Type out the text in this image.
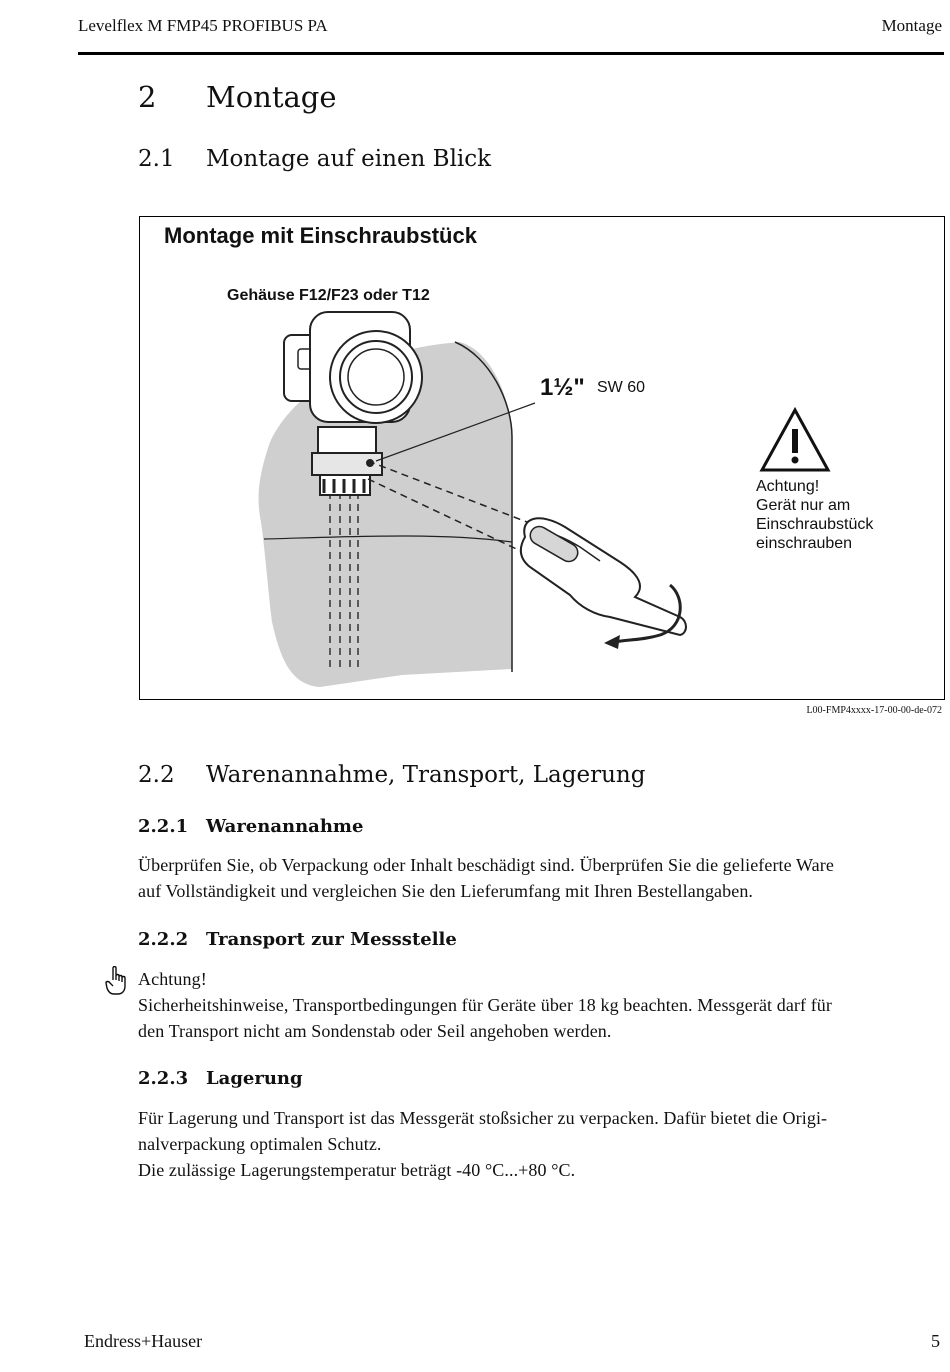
Levelflex M FMP45 PROFIBUS PA	Montage
2 Montage
2.1 Montage auf einen Blick
Montage mit Einschraubstück
Gehäuse F12/F23 oder T12
1½" SW 60
Achtung!
Gerät nur am
Einschraubstück
einschrauben
L00-FMP4xxxx-17-00-00-de-072
2.2 Warenannahme, Transport, Lagerung
2.2.1 Warenannahme
Überprüfen Sie, ob Verpackung oder Inhalt beschädigt sind. Überprüfen Sie die gelieferte Ware
auf Vollständigkeit und vergleichen Sie den Lieferumfang mit Ihren Bestellangaben.
2.2.2 Transport zur Messstelle
Achtung!
Sicherheitshinweise, Transportbedingungen für Geräte über 18 kg beachten. Messgerät darf für
den Transport nicht am Sondenstab oder Seil angehoben werden.
2.2.3 Lagerung
Für Lagerung und Transport ist das Messgerät stoßsicher zu verpacken. Dafür bietet die Origi-
nalverpackung optimalen Schutz.
Die zulässige Lagerungstemperatur beträgt -40 °C...+80 °C.
Endress+Hauser	5
